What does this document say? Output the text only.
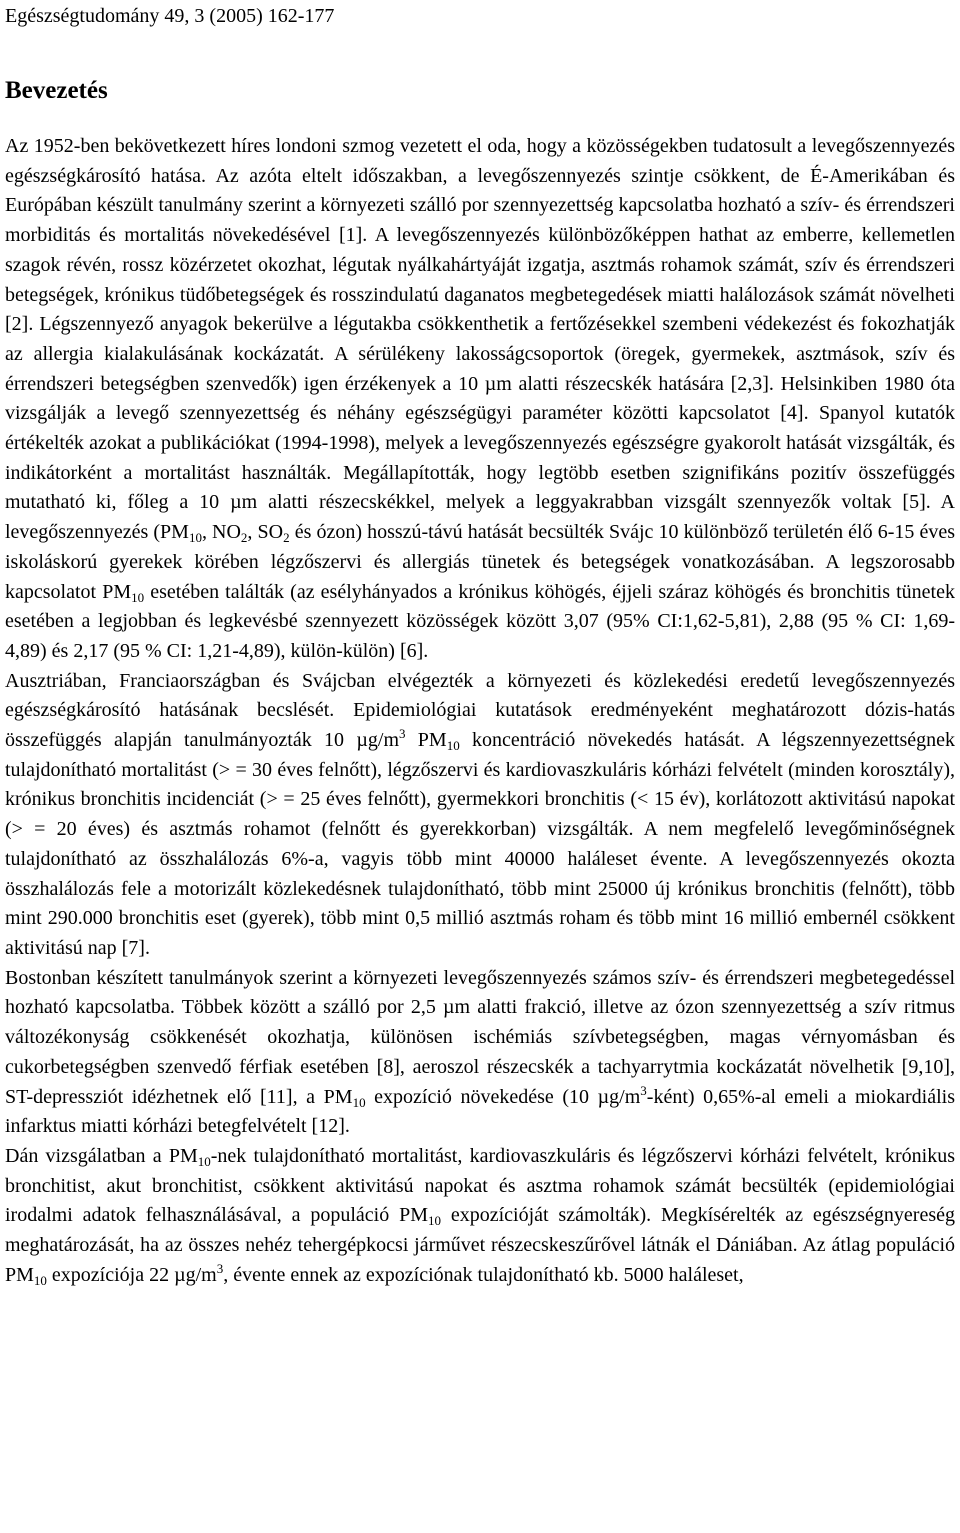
Egészségtudomány 49, 3 (2005) 162-177
Bevezetés

Az 1952-ben bekövetkezett híres londoni szmog vezetett el oda, hogy a közösségekben tudatosult a levegőszennyezés egészségkárosító hatása. Az azóta eltelt időszakban, a levegőszennyezés szintje csökkent, de É-Amerikában és Európában készült tanulmány szerint a környezeti szálló por szennyezettség kapcsolatba hozható a szív- és érrendszeri morbiditás és mortalitás növekedésével [1]. A levegőszennyezés különbözőképpen hathat az emberre, kellemetlen szagok révén, rossz közérzetet okozhat, légutak nyálkahártyáját izgatja, asztmás rohamok számát, szív és érrendszeri betegségek, krónikus tüdőbetegségek és rosszindulatú daganatos megbetegedések miatti halálozások számát növelheti [2]. Légszennyező anyagok bekerülve a légutakba csökkenthetik a fertőzésekkel szembeni védekezést és fokozhatják az allergia kialakulásának kockázatát. A sérülékeny lakosságcsoportok (öregek, gyermekek, asztmások, szív és érrendszeri betegségben szenvedők) igen érzékenyek a 10 µm alatti részecskék hatására [2,3]. Helsinkiben 1980 óta vizsgálják a levegő szennyezettség és néhány egészségügyi paraméter közötti kapcsolatot [4]. Spanyol kutatók értékelték azokat a publikációkat (1994-1998), melyek a levegőszennyezés egészségre gyakorolt hatását vizsgálták, és indikátorként a mortalitást használták. Megállapították, hogy legtöbb esetben szignifikáns pozitív összefüggés mutatható ki, főleg a 10 µm alatti részecskékkel, melyek a leggyakrabban vizsgált szennyezők voltak [5]. A levegőszennyezés ($PM_{10}$, $NO_2$, $SO_2$ és ózon) hosszú-távú hatását becsülték Svájc 10 különböző területén élő 6-15 éves iskoláskorú gyerekek körében légzőszervi és allergiás tünetek és betegségek vonatkozásában. A legszorosabb kapcsolatot $PM_{10}$ esetében találták (az esélyhányados a krónikus köhögés, éjjeli száraz köhögés és bronchitis tünetek esetében a legjobban és legkevésbé szennyezett közösségek között 3,07 (95% CI:1,62-5,81), 2,88 (95 % CI: 1,69-4,89) és 2,17 (95 % CI: 1,21-4,89), külön-külön) [6].

Ausztriában, Franciaországban és Svájcban elvégezték a környezeti és közlekedési eredetű levegőszennyezés egészségkárosító hatásának becslését. Epidemiológiai kutatások eredményeként meghatározott dózis-hatás összefüggés alapján tanulmányozták 10 $\mu g/m^3$ $PM_{10}$ koncentráció növekedés hatását. A légszennyezettségnek tulajdonítható mortalitást (> = 30 éves felnőtt), légzőszervi és kardiovaszkuláris kórházi felvételt (minden korosztály), krónikus bronchitis incidenciát (> = 25 éves felnőtt), gyermekkori bronchitis (< 15 év), korlátozott aktivitású napokat (> = 20 éves) és asztmás rohamot (felnőtt és gyerekkorban) vizsgálták. A nem megfelelő levegőminőségnek tulajdonítható az összhalálozás 6%-a, vagyis több mint 40000 haláleset évente. A levegőszennyezés okozta összhalálozás fele a motorizált közlekedésnek tulajdonítható, több mint 25000 új krónikus bronchitis (felnőtt), több mint 290.000 bronchitis eset (gyerek), több mint 0,5 millió asztmás roham és több mint 16 millió embernél csökkent aktivitású nap [7].

Bostonban készített tanulmányok szerint a környezeti levegőszennyezés számos szív- és érrendszeri megbetegedéssel hozható kapcsolatba. Többek között a szálló por 2,5 µm alatti frakció, illetve az ózon szennyezettség a szív ritmus változékonyság csökkenését okozhatja, különösen ischémiás szívbetegségben, magas vérnyomásban és cukorbetegségben szenvedő férfiak esetében [8], aeroszol részecskék a tachyarrytmia kockázatát növelhetik [9,10], ST-depressziót idézhetnek elő [11], a $PM_{10}$ expozíció növekedése (10 $\mu g/m^3-ként$) 0,65%-al emeli a miokardiális infarktus miatti kórházi betegfelvételt [12].

Dán vizsgálatban a $PM_{10}$-nek tulajdonítható mortalitást, kardiovaszkuláris és légzőszervi kórházi felvételt, krónikus bronchitist, akut bronchitist, csökkent aktivitású napokat és asztma rohamok számát becsülték (epidemiológiai irodalmi adatok felhasználásával, a populáció $PM_{10}$ expozícióját számolták). Megkísérelték az egészségnyereség meghatározását, ha az összes nehéz tehergépkocsi járművet részecskeszűrővel látnák el Dániában. Az átlag populáció $PM_{10}$ expozíciója 22 $\mu g/m^3$, évente ennek az expozíciónak tulajdonítható kb. 5000 haláleset,
